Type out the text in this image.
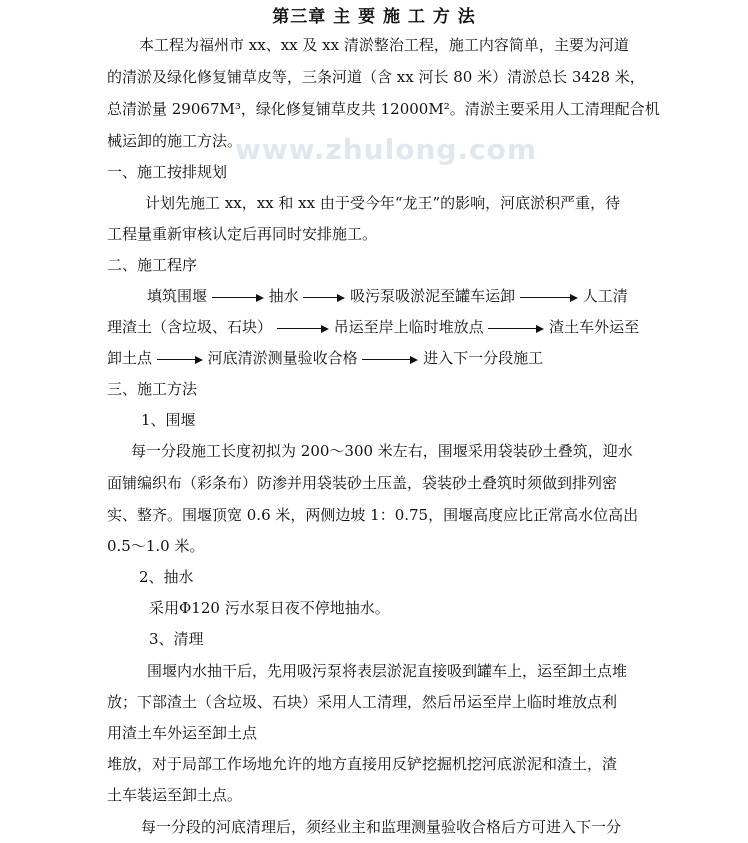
第三章 主 要 施 工 方 法
www.zhulong.com
本工程为福州市 xx、xx 及 xx 清淤整治工程，施工内容简单，主要为河道
的清淤及绿化修复铺草皮等，三条河道（含 xx 河长 80 米）清淤总长 3428 米，
总清淤量 29067M³，绿化修复铺草皮共 12000M²。清淤主要采用人工清理配合机
械运卸的施工方法。
一、施工按排规划
计划先施工 xx，xx 和 xx 由于受今年“龙王”的影响，河底淤积严重，待
工程量重新审核认定后再同时安排施工。
二、施工程序
填筑围堰	抽水	吸污泵吸淤泥至罐车运卸	人工清
理渣土（含垃圾、石块）	吊运至岸上临时堆放点	渣土车外运至
卸土点	河底清淤测量验收合格	进入下一分段施工
三、施工方法
1、围堰
每一分段施工长度初拟为 200～300 米左右，围堰采用袋装砂土叠筑，迎水
面铺编织布（彩条布）防渗并用袋装砂土压盖，袋装砂土叠筑时须做到排列密
实、整齐。围堰顶宽 0.6 米，两侧边坡 1：0.75，围堰高度应比正常高水位高出
0.5～1.0 米。
2、抽水
采用Φ120 污水泵日夜不停地抽水。
3、清理
围堰内水抽干后，先用吸污泵将表层淤泥直接吸到罐车上，运至卸土点堆
放；下部渣土（含垃圾、石块）采用人工清理，然后吊运至岸上临时堆放点利
用渣土车外运至卸土点
堆放，对于局部工作场地允许的地方直接用反铲挖掘机挖河底淤泥和渣土，渣
土车装运至卸土点。
每一分段的河底清理后，须经业主和监理测量验收合格后方可进入下一分
